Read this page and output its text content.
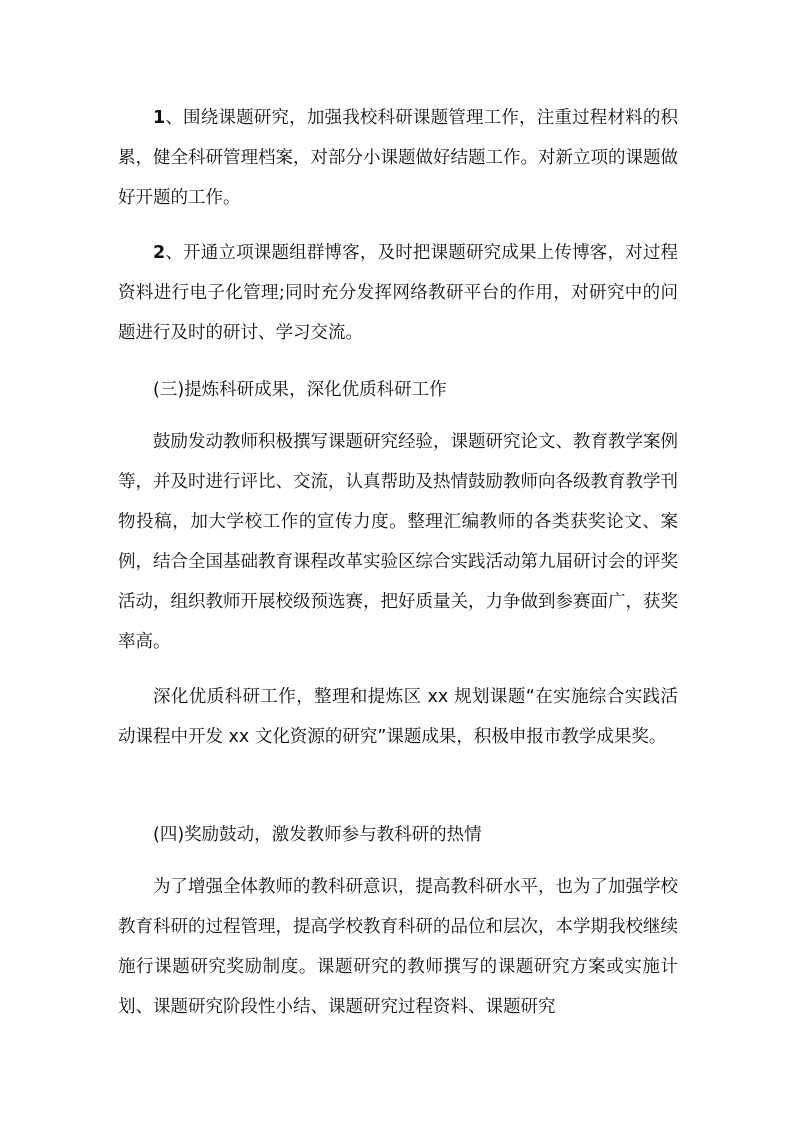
1、围绕课题研究，加强我校科研课题管理工作，注重过程材料的积累，健全科研管理档案，对部分小课题做好结题工作。对新立项的课题做好开题的工作。

2、开通立项课题组群博客，及时把课题研究成果上传博客，对过程资料进行电子化管理;同时充分发挥网络教研平台的作用，对研究中的问题进行及时的研讨、学习交流。

(三)提炼科研成果，深化优质科研工作

鼓励发动教师积极撰写课题研究经验，课题研究论文、教育教学案例等，并及时进行评比、交流，认真帮助及热情鼓励教师向各级教育教学刊物投稿，加大学校工作的宣传力度。整理汇编教师的各类获奖论文、案例，结合全国基础教育课程改革实验区综合实践活动第九届研讨会的评奖活动，组织教师开展校级预选赛，把好质量关，力争做到参赛面广，获奖率高。

深化优质科研工作，整理和提炼区 xx 规划课题“在实施综合实践活动课程中开发 xx 文化资源的研究”课题成果，积极申报市教学成果奖。

(四)奖励鼓动，激发教师参与教科研的热情

为了增强全体教师的教科研意识，提高教科研水平，也为了加强学校教育科研的过程管理，提高学校教育科研的品位和层次，本学期我校继续施行课题研究奖励制度。课题研究的教师撰写的课题研究方案或实施计划、课题研究阶段性小结、课题研究过程资料、课题研究
